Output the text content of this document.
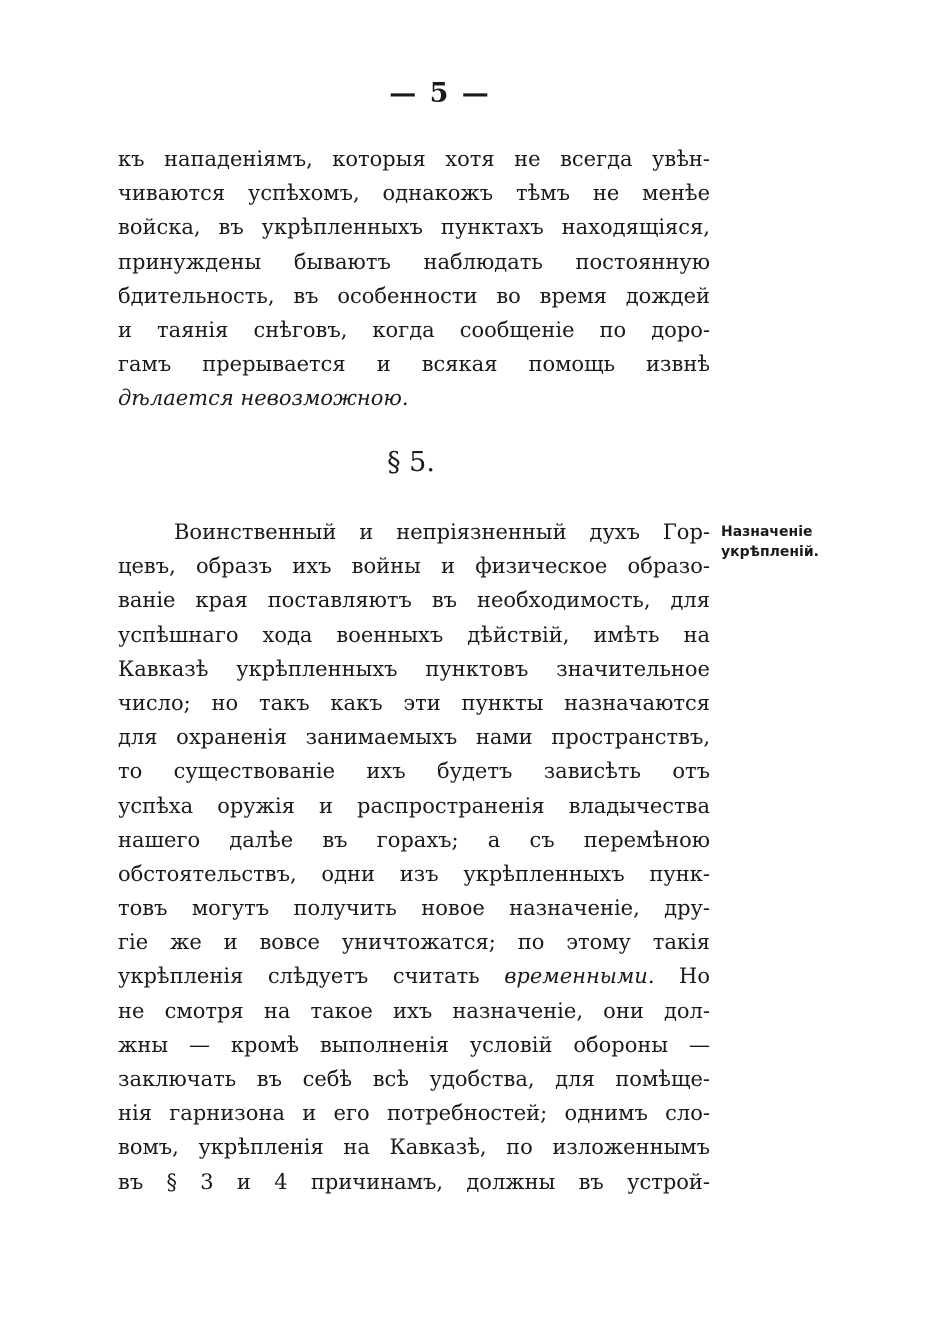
— 5 —
къ нападеніямъ, которыя хотя не всегда увѣн-
чиваются успѣхомъ, однакожъ тѣмъ не менѣе
войска, въ укрѣпленныхъ пунктахъ находящіяся,
принуждены бываютъ наблюдать постоянную
бдительность, въ особенности во время дождей
и таянія снѣговъ, когда сообщеніе по доро-
гамъ прерывается и всякая помощь извнѣ
дѣлается невозможною.
§ 5.
Назначеніе
укрѣпленій.
Воинственный и непріязненный духъ Гор-
цевъ, образъ ихъ войны и физическое образо-
ваніе края поставляютъ въ необходимость, для
успѣшнаго хода военныхъ дѣйствій, имѣть на
Кавказѣ укрѣпленныхъ пунктовъ значительное
число; но такъ какъ эти пункты назначаются
для охраненія занимаемыхъ нами пространствъ,
то существованіе ихъ будетъ зависѣть отъ
успѣха оружія и распространенія владычества
нашего далѣе въ горахъ; а съ перемѣною
обстоятельствъ, одни изъ укрѣпленныхъ пунк-
товъ могутъ получить новое назначеніе, дру-
гіе же и вовсе уничтожатся; по этому такія
укрѣпленія слѣдуетъ считать временными. Но
не смотря на такое ихъ назначеніе, они дол-
жны — кромѣ выполненія условій обороны —
заключать въ себѣ всѣ удобства, для помѣще-
нія гарнизона и его потребностей; однимъ сло-
вомъ, укрѣпленія на Кавказѣ, по изложеннымъ
въ § 3 и 4 причинамъ, должны въ устрой-
